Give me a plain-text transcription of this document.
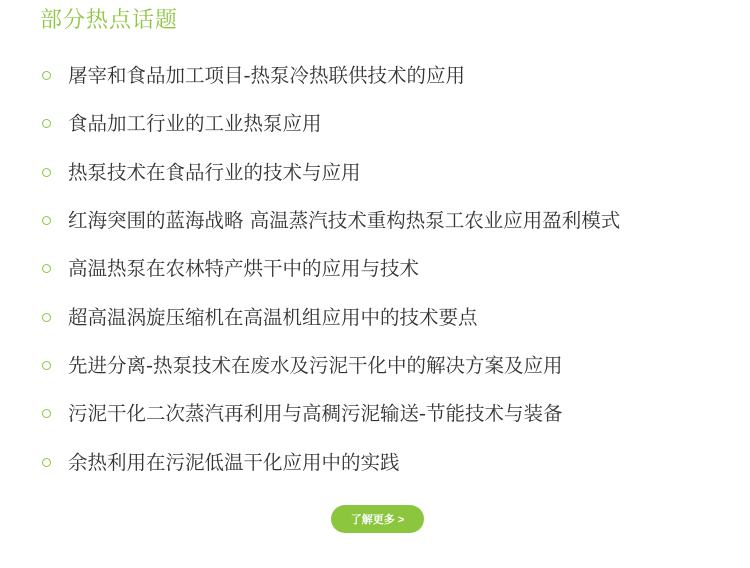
部分热点话题
屠宰和食品加工项目-热泵冷热联供技术的应用
食品加工行业的工业热泵应用
热泵技术在食品行业的技术与应用
红海突围的蓝海战略 高温蒸汽技术重构热泵工农业应用盈利模式
高温热泵在农林特产烘干中的应用与技术
超高温涡旋压缩机在高温机组应用中的技术要点
先进分离-热泵技术在废水及污泥干化中的解决方案及应用
污泥干化二次蒸汽再利用与高稠污泥输送-节能技术与装备
余热利用在污泥低温干化应用中的实践
了解更多 >
